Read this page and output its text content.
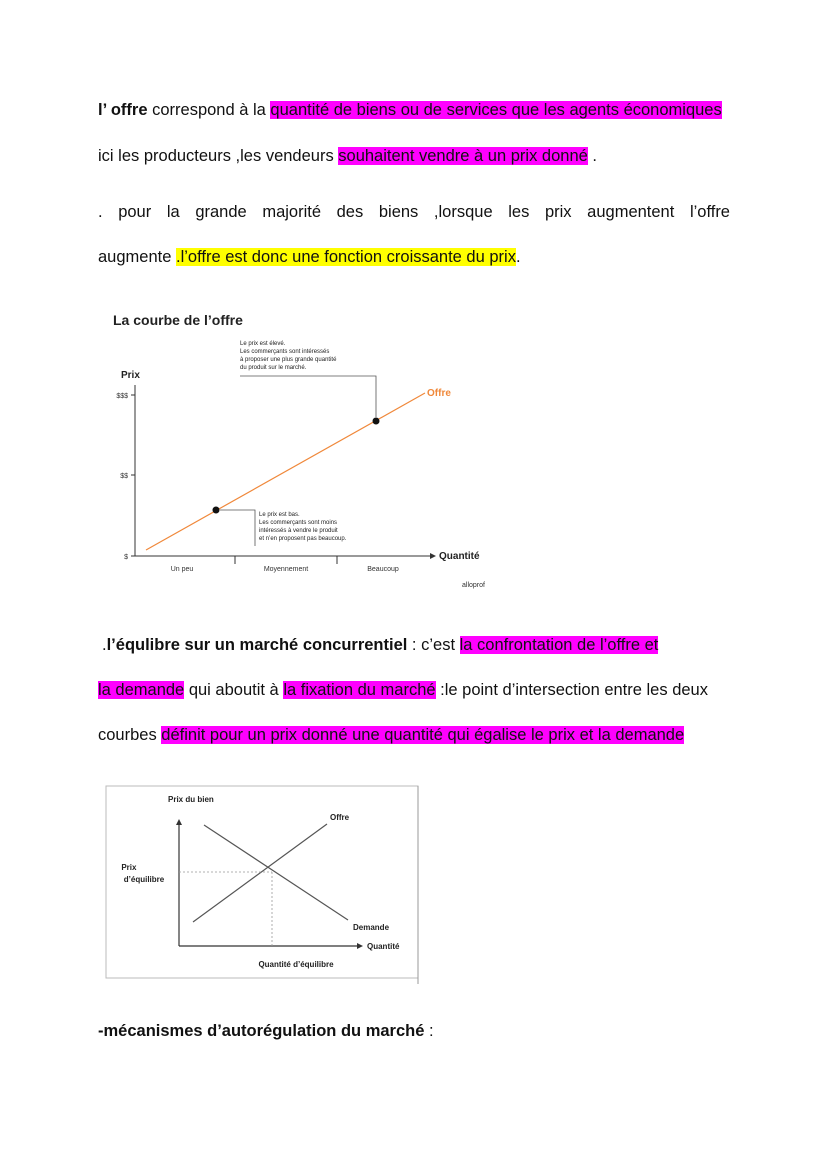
l’ offre correspond à la quantité de biens ou de services que les agents économiques
ici les producteurs ,les vendeurs souhaitent vendre à un prix donné .
. pour la grande majorité des biens ,lorsque les prix augmentent l’offre
augmente .l’offre est donc une fonction croissante du prix.
La courbe de l’offre
Prix
$$$
$$
$
Un peu	Moyennement	Beaucoup
Quantité
Offre
Le prix est élevé. Les commerçants sont intéressés à proposer une plus grande quantité du produit sur le marché.
Le prix est bas. Les commerçants sont moins intéressés à vendre le produit et n’en proposent pas beaucoup.
alloprof
.l’équlibre sur un marché concurrentiel : c’est la confrontation de l’offre et
la demande qui aboutit à la fixation du marché :le point d’intersection entre les deux
courbes définit pour un prix donné une quantité qui égalise le prix et la demande
Prix du bien
Quantité
Offre
Demande
Prix d’équilibre
Quantité d’équilibre
-mécanismes d’autorégulation du marché :
